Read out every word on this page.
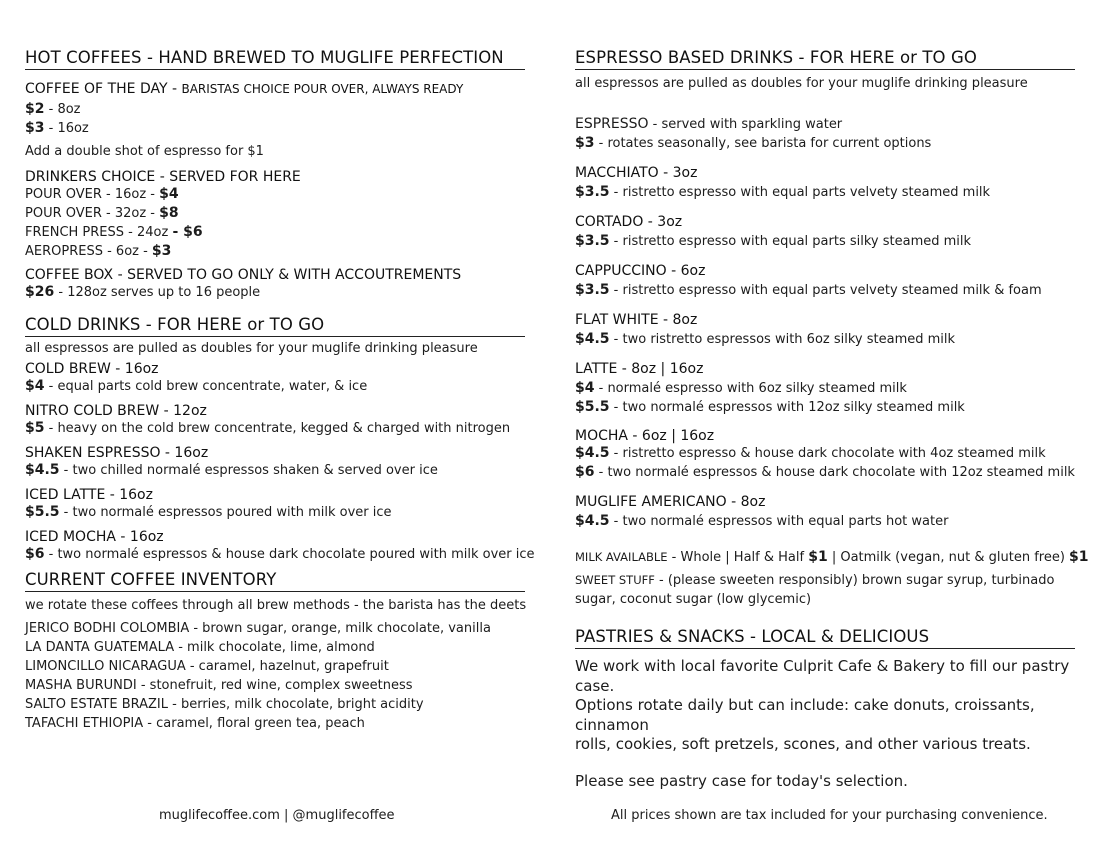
HOT COFFEES - HAND BREWED TO MUGLIFE PERFECTION

COFFEE OF THE DAY - BARISTAS CHOICE POUR OVER, ALWAYS READY

$2 - 8oz

$3 - 16oz

Add a double shot of espresso for $1

DRINKERS CHOICE - SERVED FOR HERE

POUR OVER - 16oz - $4

POUR OVER - 32oz - $8

FRENCH PRESS - 24oz - $6

AEROPRESS - 6oz - $3

COFFEE BOX - SERVED TO GO ONLY & WITH ACCOUTREMENTS

$26 - 128oz serves up to 16 people

COLD DRINKS - FOR HERE or TO GO

all espressos are pulled as doubles for your muglife drinking pleasure

COLD BREW - 16oz

$4 - equal parts cold brew concentrate, water, & ice

NITRO COLD BREW - 12oz

$5 - heavy on the cold brew concentrate, kegged & charged with nitrogen

SHAKEN ESPRESSO - 16oz

$4.5 - two chilled normalé espressos shaken & served over ice

ICED LATTE - 16oz

$5.5 - two normalé espressos poured with milk over ice

ICED MOCHA - 16oz

$6 - two normalé espressos & house dark chocolate poured with milk over ice

CURRENT COFFEE INVENTORY

we rotate these coffees through all brew methods - the barista has the deets

JERICO BODHI COLOMBIA - brown sugar, orange, milk chocolate, vanilla

LA DANTA GUATEMALA - milk chocolate, lime, almond

LIMONCILLO NICARAGUA - caramel, hazelnut, grapefruit

MASHA BURUNDI - stonefruit, red wine, complex sweetness

SALTO ESTATE BRAZIL - berries, milk chocolate, bright acidity

TAFACHI ETHIOPIA - caramel, floral green tea, peach

muglifecoffee.com | @muglifecoffee
ESPRESSO BASED DRINKS - FOR HERE or TO GO

all espressos are pulled as doubles for your muglife drinking pleasure

ESPRESSO - served with sparkling water

$3 - rotates seasonally, see barista for current options

MACCHIATO - 3oz

$3.5 - ristretto espresso with equal parts velvety steamed milk

CORTADO - 3oz

$3.5 - ristretto espresso with equal parts silky steamed milk

CAPPUCCINO - 6oz

$3.5 - ristretto espresso with equal parts velvety steamed milk & foam

FLAT WHITE - 8oz

$4.5 - two ristretto espressos with 6oz silky steamed milk

LATTE - 8oz | 16oz

$4 - normalé espresso with 6oz silky steamed milk

$5.5 - two normalé espressos with 12oz silky steamed milk

MOCHA - 6oz | 16oz

$4.5 - ristretto espresso & house dark chocolate with 4oz steamed milk

$6 - two normalé espressos & house dark chocolate with 12oz steamed milk

MUGLIFE AMERICANO - 8oz

$4.5 - two normalé espressos with equal parts hot water

MILK AVAILABLE - Whole | Half & Half $1 | Oatmilk (vegan, nut & gluten free) $1

SWEET STUFF - (please sweeten responsibly) brown sugar syrup, turbinado

sugar, coconut sugar (low glycemic)

PASTRIES & SNACKS - LOCAL & DELICIOUS

We work with local favorite Culprit Cafe & Bakery to fill our pastry case.

Options rotate daily but can include: cake donuts, croissants, cinnamon

rolls, cookies, soft pretzels, scones, and other various treats.

Please see pastry case for today's selection.

All prices shown are tax included for your purchasing convenience.
